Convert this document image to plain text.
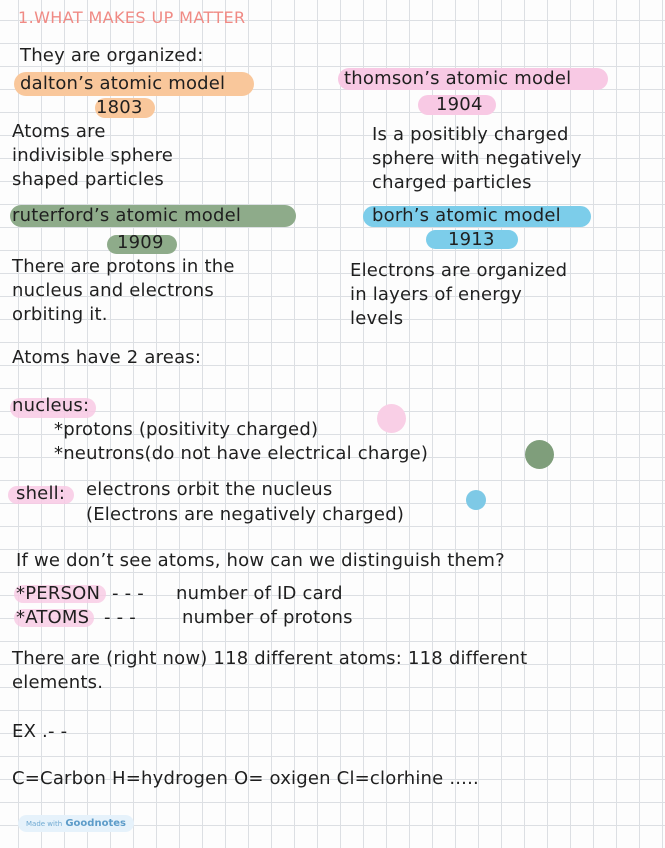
1.WHAT MAKES UP MATTER
They are organized:
dalton’s atomic model
1803
Atoms are
indivisible sphere
shaped particles
thomson’s atomic model
1904
Is a positibly charged
sphere with negatively
charged particles
ruterford’s atomic model
1909
There are protons in the
nucleus and electrons
orbiting it.
borh’s atomic model
1913
Electrons are organized
in layers of energy
levels
Atoms have 2 areas:
nucleus:
*protons (positivity charged)
*neutrons(do not have electrical charge)
shell: electrons orbit the nucleus
(Electrons are negatively charged)
If we don’t see atoms, how can we distinguish them?
*PERSON - - - number of ID card
*ATOMS - - -	number of protons
There are (right now) 118 different atoms: 118 different
elements.
EX .- -
C=Carbon H=hydrogen O= oxigen Cl=clorhine .....
Made with Goodnotes
